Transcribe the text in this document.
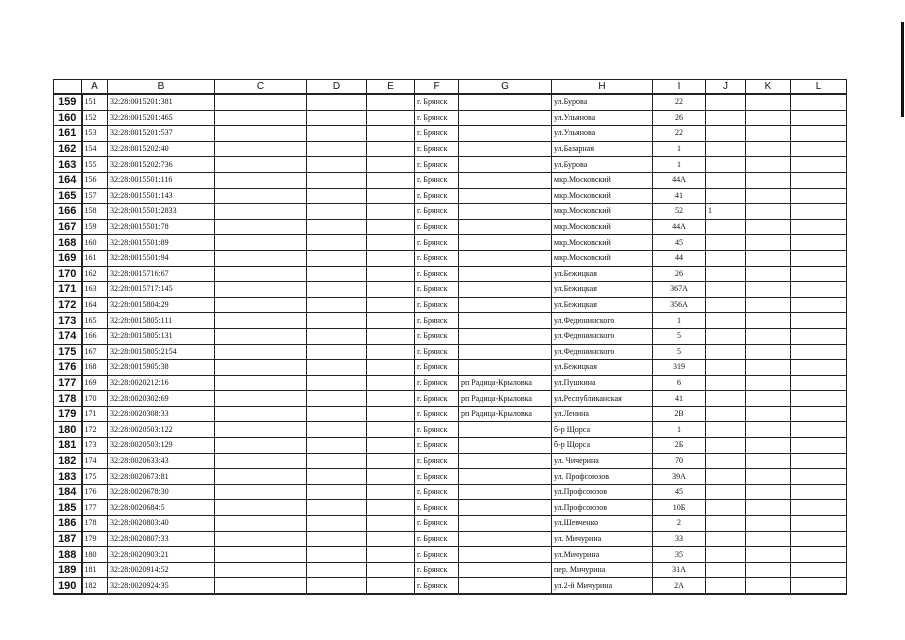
	A	B	C	D	E	F	G	H	I	J	K	L
159	151	32:28:0015201:381				г. Брянск		ул.Бурова	22			
160	152	32:28:0015201:465				г. Брянск		ул.Ульянова	26			
161	153	32:28:0015201:537				г. Брянск		ул.Ульянова	22			
162	154	32:28:0015202:40				г. Брянск		ул.Базарная	1			
163	155	32:28:0015202:736				г. Брянск		ул.Бурова	1			
164	156	32:28:0015501:116				г. Брянск		мкр.Московский	44А			
165	157	32:28:0015501:143				г. Брянск		мкр.Московский	41			
166	158	32:28:0015501:2833				г. Брянск		мкр.Московский	52	1		
167	159	32:28:0015501:78				г. Брянск		мкр.Московский	44А			
168	160	32:28:0015501:89				г. Брянск		мкр.Московский	45			
169	161	32:28:0015501:94				г. Брянск		мкр.Московский	44			
170	162	32:28:0015716:67				г. Брянск		ул.Бежицкая	26			
171	163	32:28:0015717:145				г. Брянск		ул.Бежицкая	367А			
172	164	32:28:0015804:29				г. Брянск		ул.Бежицкая	356А			
173	165	32:28:0015805:111				г. Брянск		ул.Федюнинского	1			
174	166	32:28:0015805:131				г. Брянск		ул.Федюнинского	5			
175	167	32:28:0015805:2154				г. Брянск		ул.Федюнинского	5			
176	168	32:28:0015905:38				г. Брянск		ул.Бежицкая	319			
177	169	32:28:0020212:16				г. Брянск	рп Радица-Крыловка	ул.Пушкина	6			
178	170	32:28:0020302:69				г. Брянск	рп Радица-Крыловка	ул.Республиканская	41			
179	171	32:28:0020308:33				г. Брянск	рп Радица-Крыловка	ул.Ленина	2В			
180	172	32:28:0020503:122				г. Брянск		б-р Щорса	1			
181	173	32:28:0020503:129				г. Брянск		б-р Щорса	2Б			
182	174	32:28:0020633:43				г. Брянск		ул. Чичерина	70			
183	175	32:28:0020673:81				г. Брянск		ул. Профсоюзов	39А			
184	176	32:28:0020678:30				г. Брянск		ул.Профсоюзов	45			
185	177	32:28:0020684:5				г. Брянск		ул.Профсоюзов	10Б			
186	178	32:28:0020803:40				г. Брянск		ул.Шевченко	2			
187	179	32:28:0020807:33				г. Брянск		ул. Мичурина	33			
188	180	32:28:0020903:21				г. Брянск		ул.Мичурина	35			
189	181	32:28:0020914:52				г. Брянск		пер. Мичурина	31А			
190	182	32:28:0020924:35				г. Брянск		ул.2-й Мичурина	2А			
